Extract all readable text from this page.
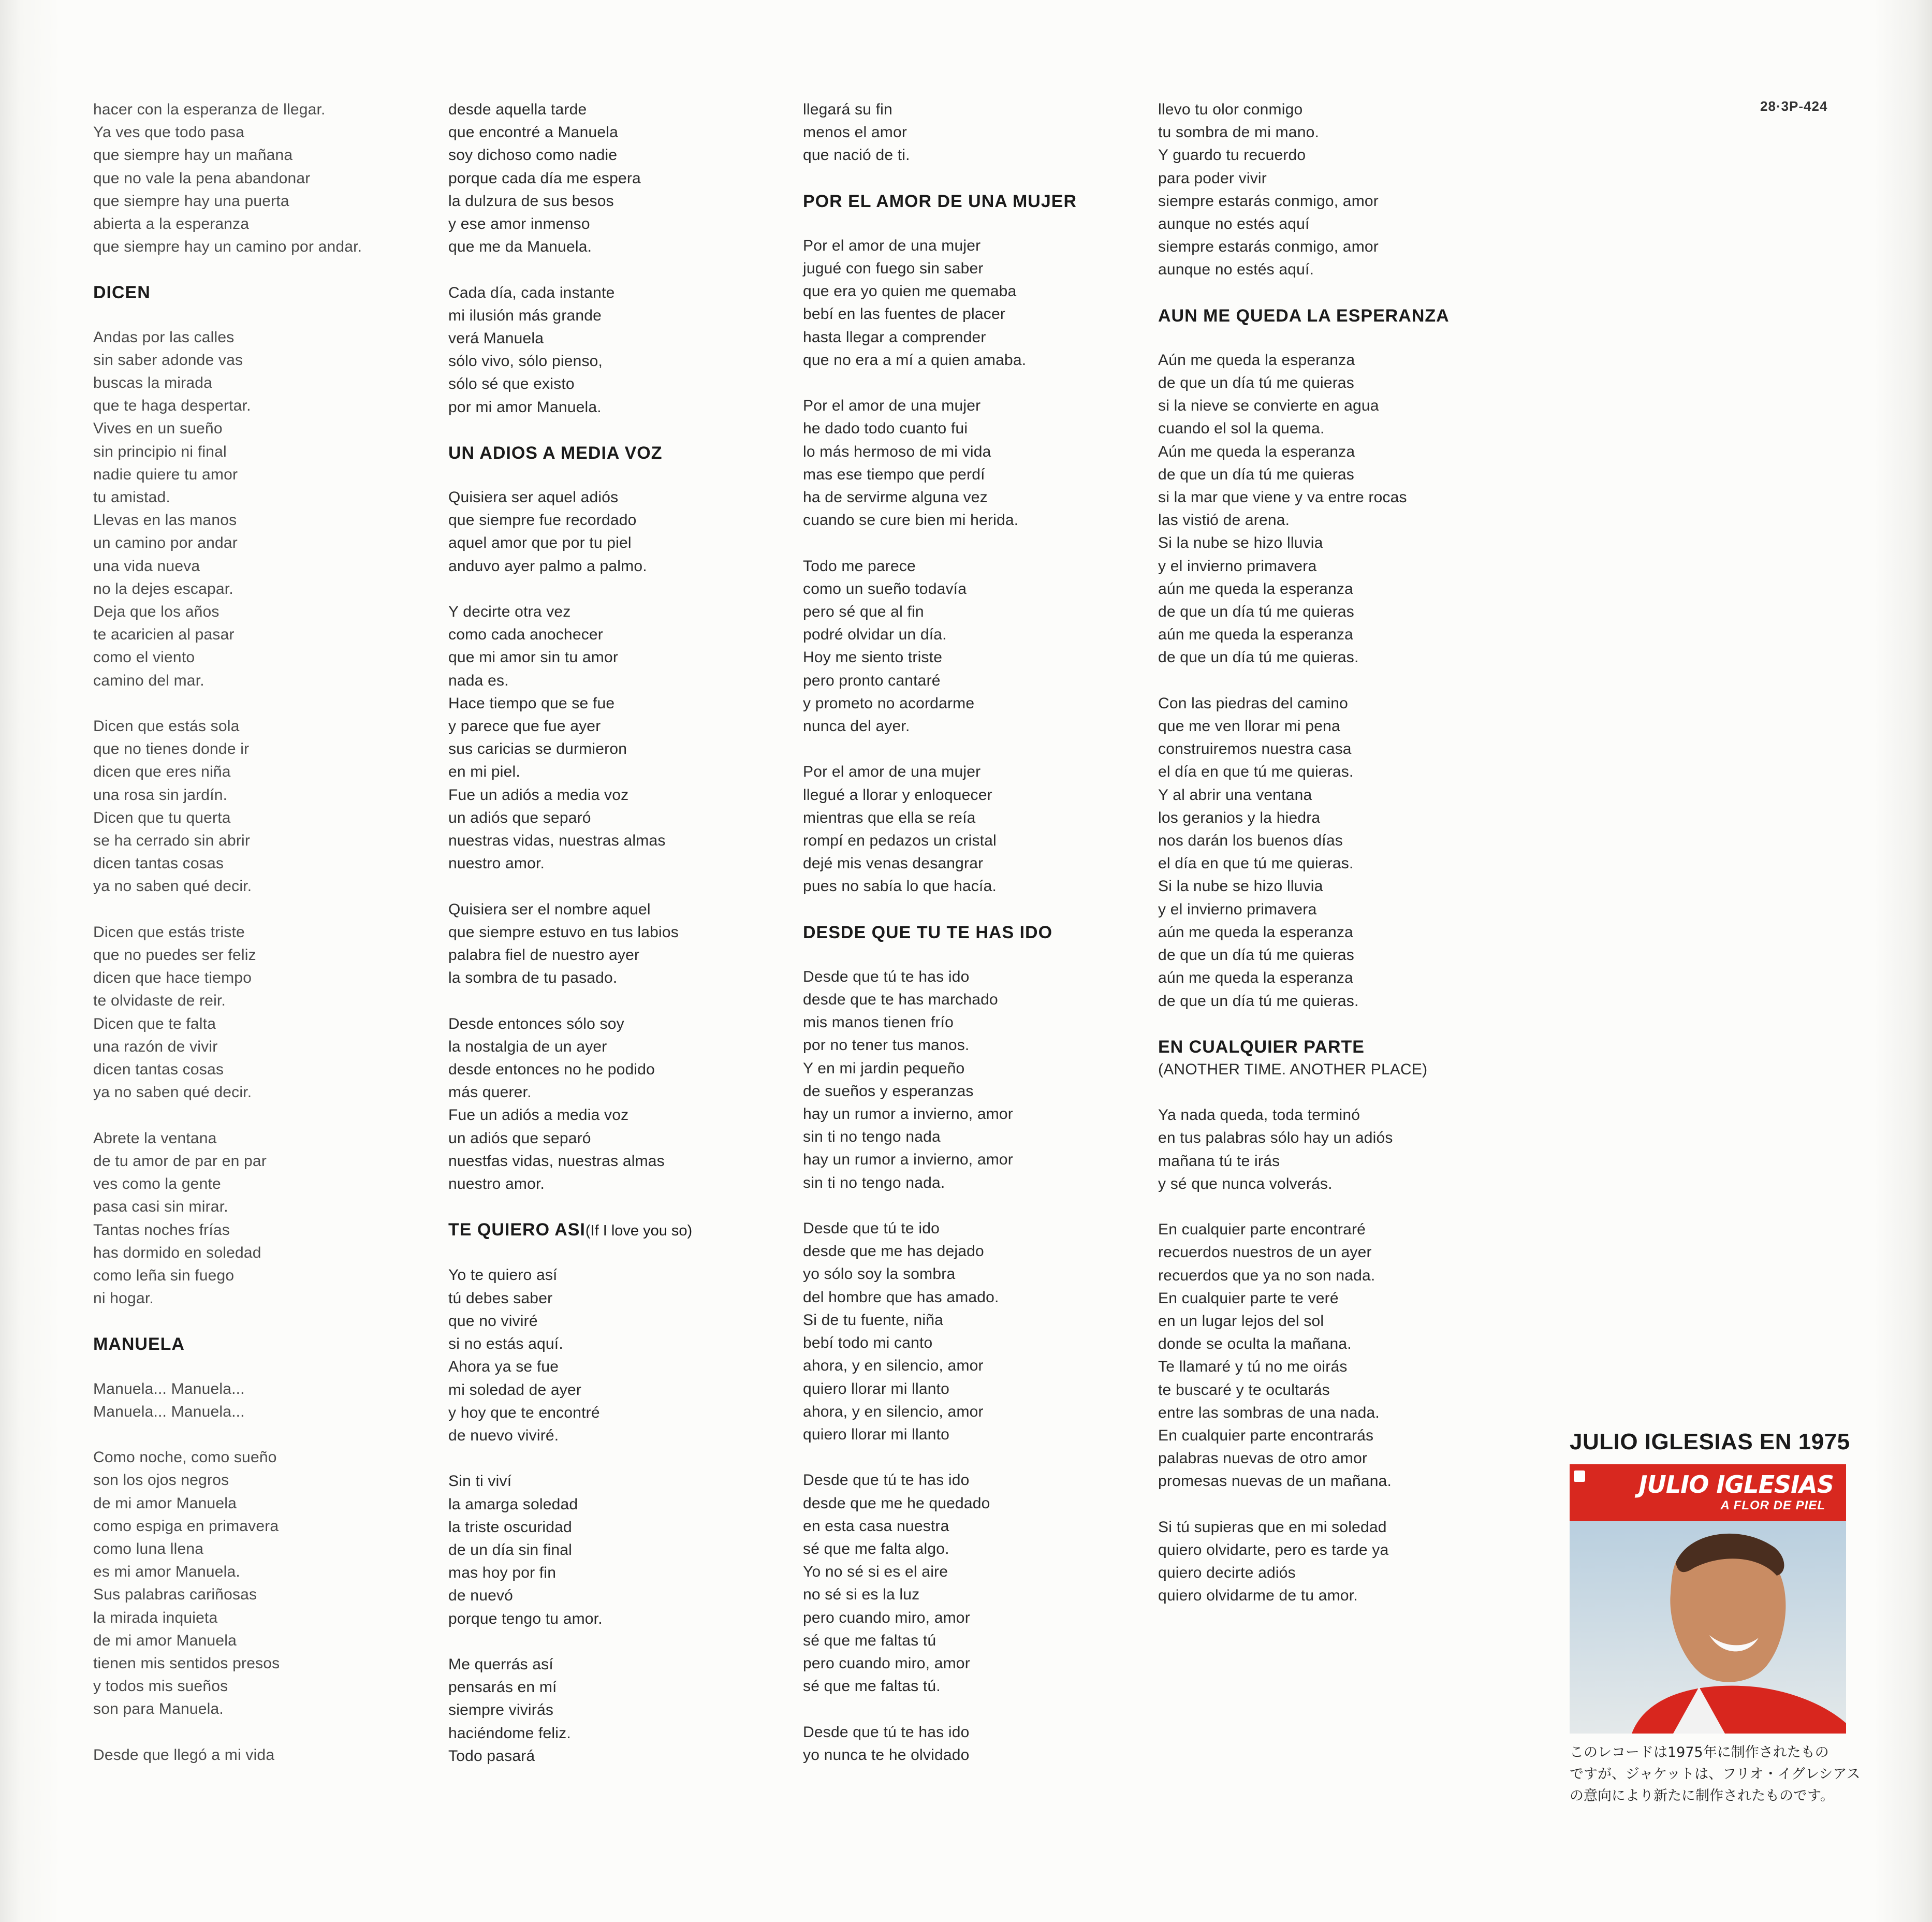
hacer con la esperanza de llegar.
Ya ves que todo pasa
que siempre hay un mañana
que no vale la pena abandonar
que siempre hay una puerta
abierta a la esperanza
que siempre hay un camino por andar.
DICEN
Andas por las calles
sin saber adonde vas
buscas la mirada
que te haga despertar.
Vives en un sueño
sin principio ni final
nadie quiere tu amor
tu amistad.
Llevas en las manos
un camino por andar
una vida nueva
no la dejes escapar.
Deja que los años
te acaricien al pasar
como el viento
camino del mar.
Dicen que estás sola
que no tienes donde ir
dicen que eres niña
una rosa sin jardín.
Dicen que tu querta
se ha cerrado sin abrir
dicen tantas cosas
ya no saben qué decir.
Dicen que estás triste
que no puedes ser feliz
dicen que hace tiempo
te olvidaste de reir.
Dicen que te falta
una razón de vivir
dicen tantas cosas
ya no saben qué decir.
Abrete la ventana
de tu amor de par en par
ves como la gente
pasa casi sin mirar.
Tantas noches frías
has dormido en soledad
como leña sin fuego
ni hogar.
MANUELA
Manuela... Manuela...
Manuela... Manuela...
Como noche, como sueño
son los ojos negros
de mi amor Manuela
como espiga en primavera
como luna llena
es mi amor Manuela.
Sus palabras cariñosas
la mirada inquieta
de mi amor Manuela
tienen mis sentidos presos
y todos mis sueños
son para Manuela.
Desde que llegó a mi vida
desde aquella tarde
que encontré a Manuela
soy dichoso como nadie
porque cada día me espera
la dulzura de sus besos
y ese amor inmenso
que me da Manuela.
Cada día, cada instante
mi ilusión más grande
verá Manuela
sólo vivo, sólo pienso,
sólo sé que existo
por mi amor Manuela.
UN ADIOS A MEDIA VOZ
Quisiera ser aquel adiós
que siempre fue recordado
aquel amor que por tu piel
anduvo ayer palmo a palmo.
Y decirte otra vez
como cada anochecer
que mi amor sin tu amor
nada es.
Hace tiempo que se fue
y parece que fue ayer
sus caricias se durmieron
en mi piel.
Fue un adiós a media voz
un adiós que separó
nuestras vidas, nuestras almas
nuestro amor.
Quisiera ser el nombre aquel
que siempre estuvo en tus labios
palabra fiel de nuestro ayer
la sombra de tu pasado.
Desde entonces sólo soy
la nostalgia de un ayer
desde entonces no he podido
más querer.
Fue un adiós a media voz
un adiós que separó
nuestfas vidas, nuestras almas
nuestro amor.
TE QUIERO ASI(If I love you so)
Yo te quiero así
tú debes saber
que no viviré
si no estás aquí.
Ahora ya se fue
mi soledad de ayer
y hoy que te encontré
de nuevo viviré.
Sin ti viví
la amarga soledad
la triste oscuridad
de un día sin final
mas hoy por fin
de nuevó
porque tengo tu amor.
Me querrás así
pensarás en mí
siempre vivirás
haciéndome feliz.
Todo pasará
llegará su fin
menos el amor
que nació de ti.
POR EL AMOR DE UNA MUJER
Por el amor de una mujer
jugué con fuego sin saber
que era yo quien me quemaba
bebí en las fuentes de placer
hasta llegar a comprender
que no era a mí a quien amaba.
Por el amor de una mujer
he dado todo cuanto fui
lo más hermoso de mi vida
mas ese tiempo que perdí
ha de servirme alguna vez
cuando se cure bien mi herida.
Todo me parece
como un sueño todavía
pero sé que al fin
podré olvidar un día.
Hoy me siento triste
pero pronto cantaré
y prometo no acordarme
nunca del ayer.
Por el amor de una mujer
llegué a llorar y enloquecer
mientras que ella se reía
rompí en pedazos un cristal
dejé mis venas desangrar
pues no sabía lo que hacía.
DESDE QUE TU TE HAS IDO
Desde que tú te has ido
desde que te has marchado
mis manos tienen frío
por no tener tus manos.
Y en mi jardin pequeño
de sueños y esperanzas
hay un rumor a invierno, amor
sin ti no tengo nada
hay un rumor a invierno, amor
sin ti no tengo nada.
Desde que tú te ido
desde que me has dejado
yo sólo soy la sombra
del hombre que has amado.
Si de tu fuente, niña
bebí todo mi canto
ahora, y en silencio, amor
quiero llorar mi llanto
ahora, y en silencio, amor
quiero llorar mi llanto
Desde que tú te has ido
desde que me he quedado
en esta casa nuestra
sé que me falta algo.
Yo no sé si es el aire
no sé si es la luz
pero cuando miro, amor
sé que me faltas tú
pero cuando miro, amor
sé que me faltas tú.
Desde que tú te has ido
yo nunca te he olvidado
llevo tu olor conmigo
tu sombra de mi mano.
Y guardo tu recuerdo
para poder vivir
siempre estarás conmigo, amor
aunque no estés aquí
siempre estarás conmigo, amor
aunque no estés aquí.
AUN ME QUEDA LA ESPERANZA
Aún me queda la esperanza
de que un día tú me quieras
si la nieve se convierte en agua
cuando el sol la quema.
Aún me queda la esperanza
de que un día tú me quieras
si la mar que viene y va entre rocas
las vistió de arena.
Si la nube se hizo lluvia
y el invierno primavera
aún me queda la esperanza
de que un día tú me quieras
aún me queda la esperanza
de que un día tú me quieras.
Con las piedras del camino
que me ven llorar mi pena
construiremos nuestra casa
el día en que tú me quieras.
Y al abrir una ventana
los geranios y la hiedra
nos darán los buenos días
el día en que tú me quieras.
Si la nube se hizo lluvia
y el invierno primavera
aún me queda la esperanza
de que un día tú me quieras
aún me queda la esperanza
de que un día tú me quieras.
EN CUALQUIER PARTE
(ANOTHER TIME. ANOTHER PLACE)
Ya nada queda, toda terminó
en tus palabras sólo hay un adiós
mañana tú te irás
y sé que nunca volverás.
En cualquier parte encontraré
recuerdos nuestros de un ayer
recuerdos que ya no son nada.
En cualquier parte te veré
en un lugar lejos del sol
donde se oculta la mañana.
Te llamaré y tú no me oirás
te buscaré y te ocultarás
entre las sombras de una nada.
En cualquier parte encontrarás
palabras nuevas de otro amor
promesas nuevas de un mañana.
Si tú supieras que en mi soledad
quiero olvidarte, pero es tarde ya
quiero decirte adiós
quiero olvidarme de tu amor.
28·3P-424
JULIO IGLESIAS EN 1975
JULIO IGLESIAS
A FLOR DE PIEL
このレコードは1975年に制作されたもの
ですが、ジャケットは、フリオ・イグレシアス
の意向により新たに制作されたものです。
